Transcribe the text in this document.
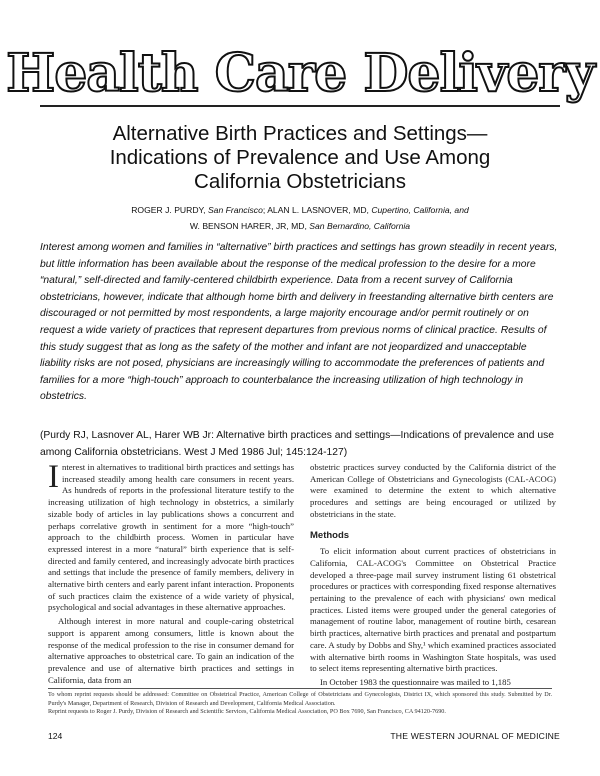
Health Care Delivery
Alternative Birth Practices and Settings—
Indications of Prevalence and Use Among
California Obstetricians
ROGER J. PURDY, San Francisco; ALAN L. LASNOVER, MD, Cupertino, California, and
W. BENSON HARER, JR, MD, San Bernardino, California
Interest among women and families in “alternative” birth practices and settings has grown steadily in recent years, but little information has been available about the response of the medical profession to the desire for a more “natural,” self-directed and family-centered childbirth experience. Data from a recent survey of California obstetricians, however, indicate that although home birth and delivery in freestanding alternative birth centers are discouraged or not permitted by most respondents, a large majority encourage and/or permit routinely or on request a wide variety of practices that represent departures from previous norms of clinical practice. Results of this study suggest that as long as the safety of the mother and infant are not jeopardized and unacceptable liability risks are not posed, physicians are increasingly willing to accommodate the preferences of patients and families for a more “high-touch” approach to counterbalance the increasing utilization of high technology in obstetrics.
(Purdy RJ, Lasnover AL, Harer WB Jr: Alternative birth practices and settings—Indications of prevalence and use among California obstetricians. West J Med 1986 Jul; 145:124-127)

Interest in alternatives to traditional birth practices and settings has increased steadily among health care consumers in recent years. As hundreds of reports in the professional literature testify to the increasing utilization of high technology in obstetrics, a similarly sizable body of articles in lay publications shows a concurrent and perhaps correlative growth in sentiment for a more “high-touch” approach to the childbirth process. Women in particular have expressed interest in a more “natural” birth experience that is self-directed and family centered, and increasingly advocate birth practices and settings that include the presence of family members, delivery in alternative birth centers and early parent infant interaction. Proponents of such practices claim the existence of a wide variety of physical, psychological and social advantages in these alternative approaches.

Although interest in more natural and couple-caring obstetrical support is apparent among consumers, little is known about the response of the medical profession to the rise in consumer demand for alternative approaches to obstetrical care. To gain an indication of the prevalence and use of alternative birth practices and settings in California, data from an

obstetric practices survey conducted by the California district of the American College of Obstetricians and Gynecologists (CAL-ACOG) were examined to determine the extent to which alternative procedures and settings are being encouraged or utilized by obstetricians in the state.

Methods

To elicit information about current practices of obstetricians in California, CAL-ACOG's Committee on Obstetrical Practice developed a three-page mail survey instrument listing 61 obstetrical procedures or practices with corresponding fixed response alternatives pertaining to the prevalence of each with physicians' own medical practices. Listed items were grouped under the general categories of management of routine labor, management of routine birth, cesarean birth practices, alternative birth practices and prenatal and postpartum care. A study by Dobbs and Shy,¹ which examined practices associated with alternative birth rooms in Washington State hospitals, was used to select items representing alternative birth practices.

In October 1983 the questionnaire was mailed to 1,185

To whom reprint requests should be addressed: Committee on Obstetrical Practice, American College of Obstetricians and Gynecologists, District IX, which sponsored this study. Submitted by Dr. Purdy's Manager, Department of Research, Division of Research and Development, California Medical Association.
Reprint requests to Roger J. Purdy, Division of Research and Scientific Services, California Medical Association, PO Box 7690, San Francisco, CA 94120-7690.
124	THE WESTERN JOURNAL OF MEDICINE
